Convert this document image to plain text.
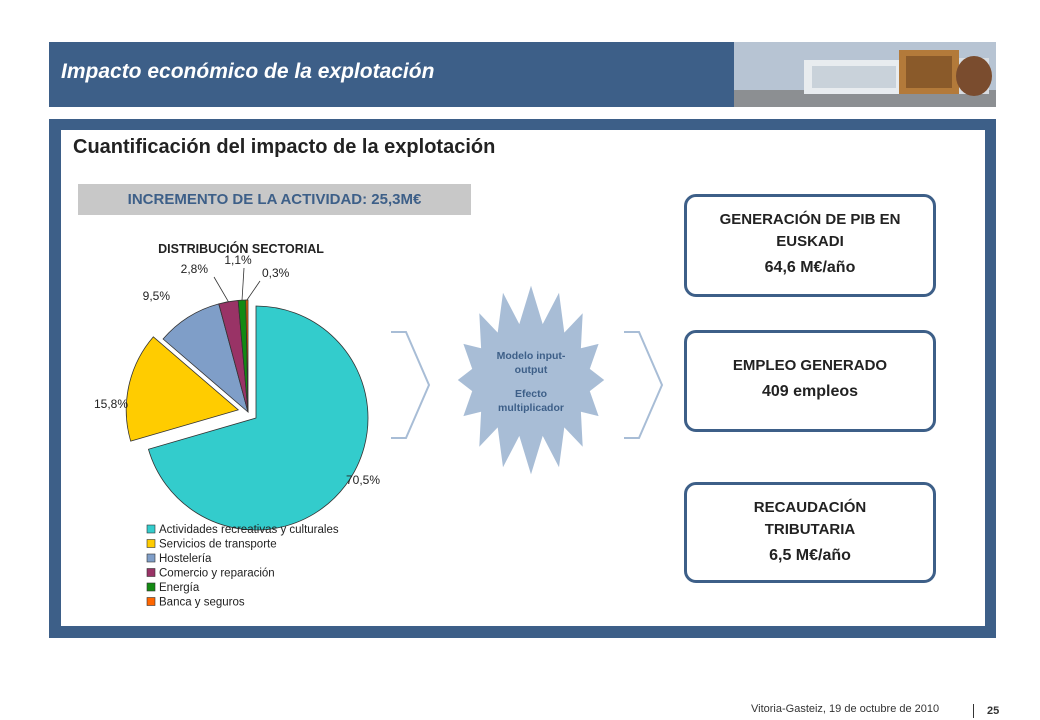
Impacto económico de la explotación
Cuantificación del impacto de la explotación
INCREMENTO DE LA ACTIVIDAD: 25,3M€
DISTRIBUCIÓN SECTORIAL
70,5%
15,8%
9,5%
2,8%
1,1%
0,3%
Actividades recreativas y culturales
Servicios de transporte
Hostelería
Comercio y reparación
Energía
Banca y seguros
Modelo input-
output
Efecto
multiplicador
GENERACIÓN DE PIB EN
EUSKADI
64,6 M€/año
EMPLEO GENERADO
409 empleos
RECAUDACIÓN
TRIBUTARIA
6,5 M€/año
Vitoria-Gasteiz, 19 de octubre de 2010	25
